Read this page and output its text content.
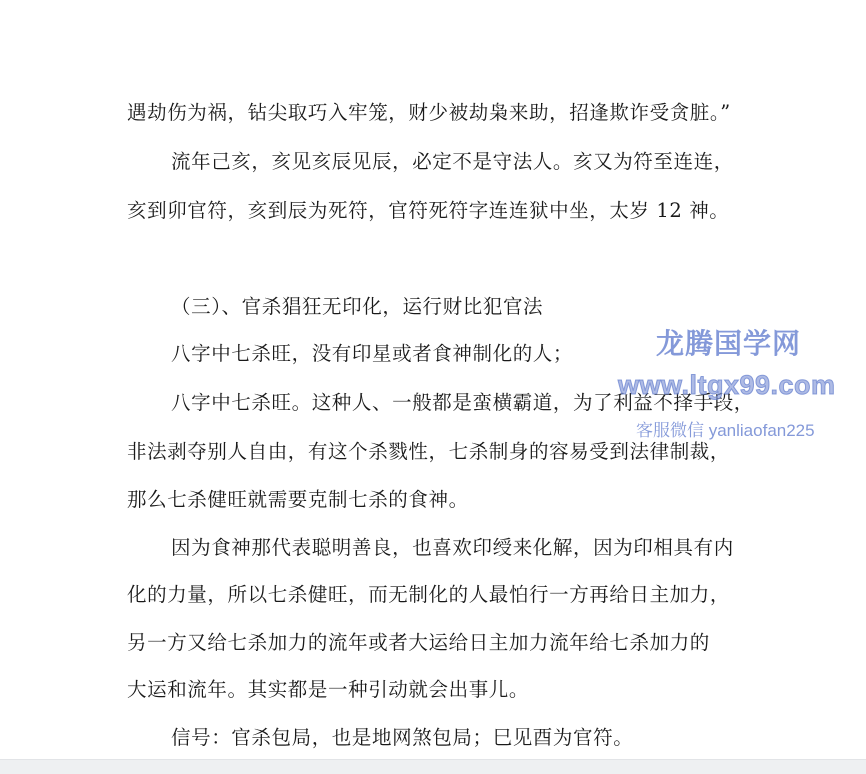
遇劫伤为祸，钻尖取巧入牢笼，财少被劫枭来助，招逢欺诈受贪脏。”
流年己亥，亥见亥辰见辰，必定不是守法人。亥又为符至连连，
亥到卯官符，亥到辰为死符，官符死符字连连狱中坐，太岁 12 神。
（三）、官杀猖狂无印化，运行财比犯官法
八字中七杀旺，没有印星或者食神制化的人；
八字中七杀旺。这种人、一般都是蛮横霸道，为了利益不择手段，
非法剥夺别人自由，有这个杀戮性，七杀制身的容易受到法律制裁，
那么七杀健旺就需要克制七杀的食神。
因为食神那代表聪明善良，也喜欢印绶来化解，因为印相具有内
化的力量，所以七杀健旺，而无制化的人最怕行一方再给日主加力，
另一方又给七杀加力的流年或者大运给日主加力流年给七杀加力的
大运和流年。其实都是一种引动就会出事儿。
信号：官杀包局，也是地网煞包局；巳见酉为官符。
龙腾国学网
www.ltgx99.com
客服微信 yanliaofan225
